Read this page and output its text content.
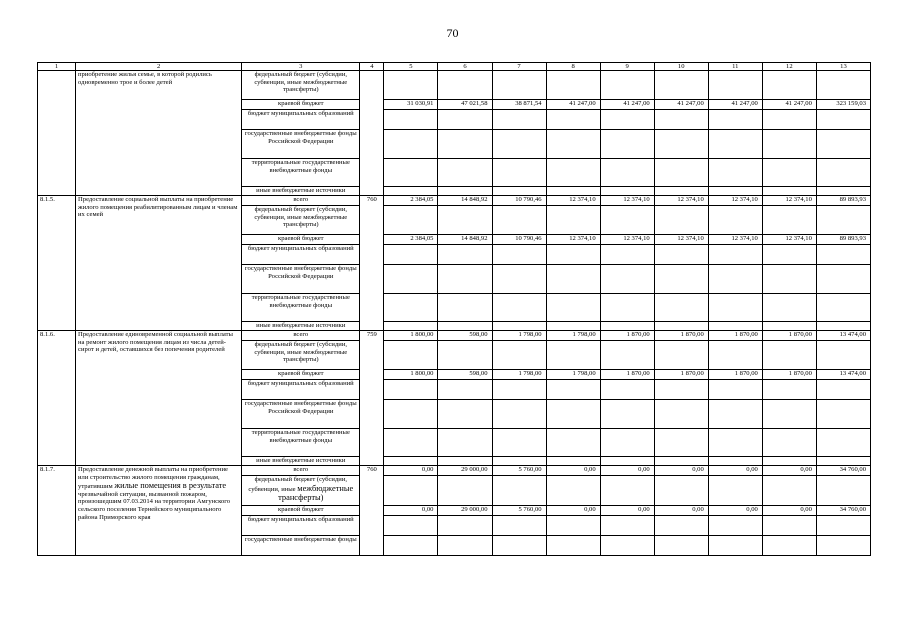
70
1	2	3	4	5	6	7	8	9	10	11	12	13
	приобретение жилья семье, в которой родились одновременно трое и более детей	федеральный бюджет (субсидии, субвенции, иные межбюджетные трансферты)										
		краевой бюджет		31 030,91	47 021,58	38 871,54	41 247,00	41 247,00	41 247,00	41 247,00	41 247,00	323 159,03
		бюджет муниципальных образований										
		государственные внебюджетные фонды Российской Федерации										
		территориальные государственные внебюджетные фонды										
		иные внебюджетные источники										
8.1.5.	Предоставление социальной выплаты на приобретение жилого помещения реабилитированным лицам и членам их семей	всего	760	2 384,05	14 848,92	10 790,46	12 374,10	12 374,10	12 374,10	12 374,10	12 374,10	89 893,93
		федеральный бюджет (субсидии, субвенции, иные межбюджетные трансферты)										
		краевой бюджет		2 384,05	14 848,92	10 790,46	12 374,10	12 374,10	12 374,10	12 374,10	12 374,10	89 893,93
		бюджет муниципальных образований										
		государственные внебюджетные фонды Российской Федерации										
		территориальные государственные внебюджетные фонды										
		иные внебюджетные источники										
8.1.6.	Предоставление единовременной социальной выплаты на ремонт жилого помещения лицам из числа детей-сирот и детей, оставшихся без попечения родителей	всего	759	1 800,00	598,00	1 798,00	1 798,00	1 870,00	1 870,00	1 870,00	1 870,00	13 474,00
		федеральный бюджет (субсидии, субвенции, иные межбюджетные трансферты)										
		краевой бюджет		1 800,00	598,00	1 798,00	1 798,00	1 870,00	1 870,00	1 870,00	1 870,00	13 474,00
		бюджет муниципальных образований										
		государственные внебюджетные фонды Российской Федерации										
		территориальные государственные внебюджетные фонды										
		иные внебюджетные источники										
8.1.7.	Предоставление денежной выплаты на приобретение или строительство жилого помещения гражданам, утратившим жилые помещения в результате чрезвычайной ситуации, вызванной пожаром, произошедшим 07.03.2014 на территории Амгунского сельского поселения Тернейского муниципального района Приморского края	всего	760	0,00	29 000,00	5 760,00	0,00	0,00	0,00	0,00	0,00	34 760,00
		федеральный бюджет (субсидии, субвенции, иные межбюджетные трансферты)										
		краевой бюджет		0,00	29 000,00	5 760,00	0,00	0,00	0,00	0,00	0,00	34 760,00
		бюджет муниципальных образований										
		государственные внебюджетные фонды										
